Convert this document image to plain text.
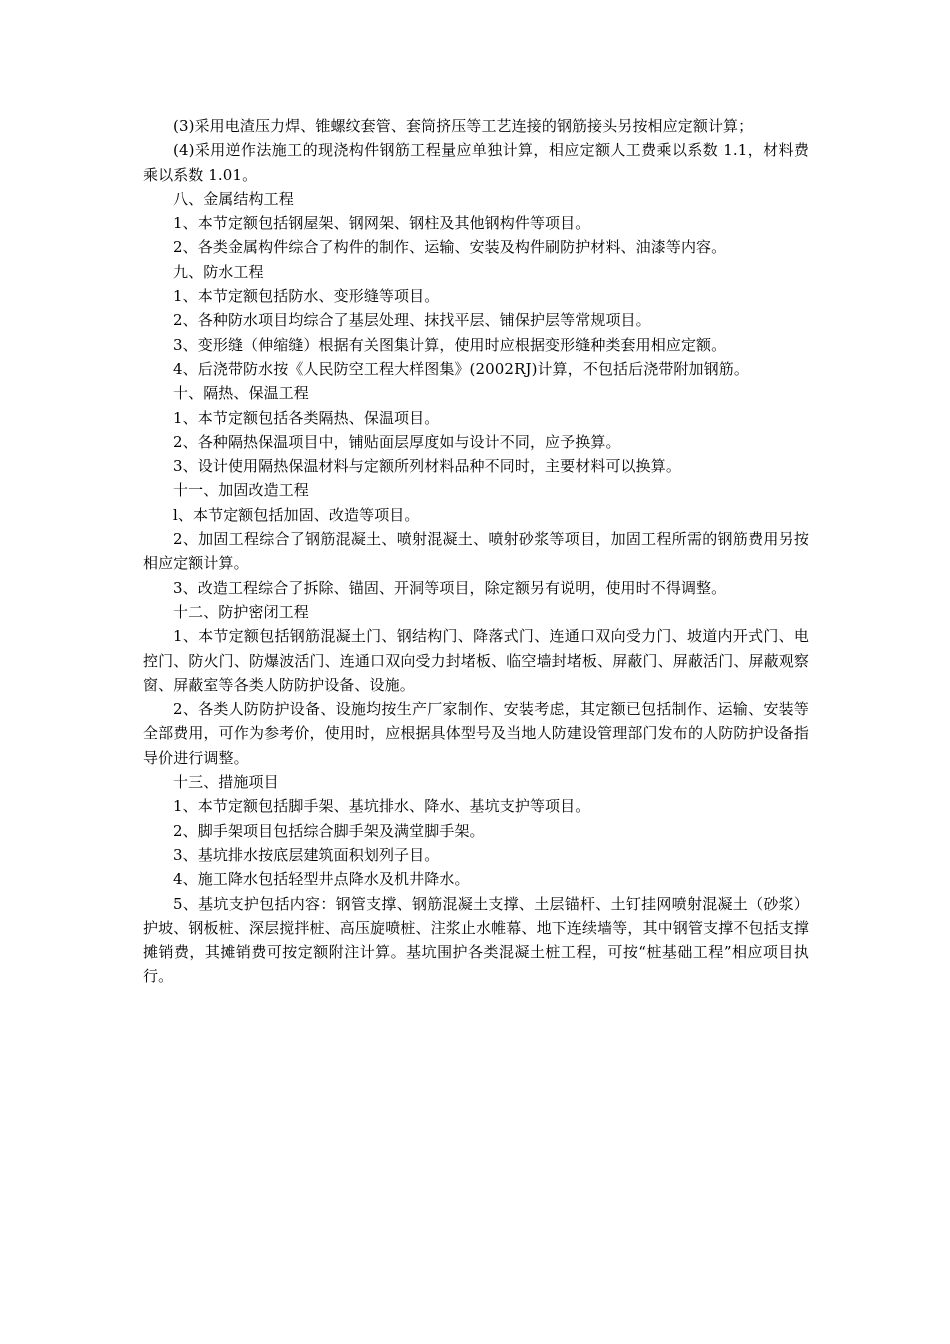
(3)采用电渣压力焊、锥螺纹套管、套筒挤压等工艺连接的钢筋接头另按相应定额计算；

(4)采用逆作法施工的现浇构件钢筋工程量应单独计算，相应定额人工费乘以系数 1.1，材料费乘以系数 1.01。

八、金属结构工程

1、本节定额包括钢屋架、钢网架、钢柱及其他钢构件等项目。

2、各类金属构件综合了构件的制作、运输、安装及构件刷防护材料、油漆等内容。

九、防水工程

1、本节定额包括防水、变形缝等项目。

2、各种防水项目均综合了基层处理、抹找平层、铺保护层等常规项目。

3、变形缝（伸缩缝）根据有关图集计算，使用时应根据变形缝种类套用相应定额。

4、后浇带防水按《人民防空工程大样图集》(2002RJ)计算，不包括后浇带附加钢筋。

十、隔热、保温工程

1、本节定额包括各类隔热、保温项目。

2、各种隔热保温项目中，铺贴面层厚度如与设计不同，应予换算。

3、设计使用隔热保温材料与定额所列材料品种不同时，主要材料可以换算。

十一、加固改造工程

l、本节定额包括加固、改造等项目。

2、加固工程综合了钢筋混凝土、喷射混凝土、喷射砂浆等项目，加固工程所需的钢筋费用另按相应定额计算。

3、改造工程综合了拆除、锚固、开洞等项目，除定额另有说明，使用时不得调整。

十二、防护密闭工程

1、本节定额包括钢筋混凝土门、钢结构门、降落式门、连通口双向受力门、坡道内开式门、电控门、防火门、防爆波活门、连通口双向受力封堵板、临空墙封堵板、屏蔽门、屏蔽活门、屏蔽观察窗、屏蔽室等各类人防防护设备、设施。

2、各类人防防护设备、设施均按生产厂家制作、安装考虑，其定额已包括制作、运输、安装等全部费用，可作为参考价，使用时，应根据具体型号及当地人防建设管理部门发布的人防防护设备指导价进行调整。

十三、措施项目

1、本节定额包括脚手架、基坑排水、降水、基坑支护等项目。

2、脚手架项目包括综合脚手架及满堂脚手架。

3、基坑排水按底层建筑面积划列子目。

4、施工降水包括轻型井点降水及机井降水。

5、基坑支护包括内容：钢管支撑、钢筋混凝土支撑、土层锚杆、土钉挂网喷射混凝土（砂浆）护坡、钢板桩、深层搅拌桩、高压旋喷桩、注浆止水帷幕、地下连续墙等，其中钢管支撑不包括支撑摊销费，其摊销费可按定额附注计算。基坑围护各类混凝土桩工程，可按“桩基础工程”相应项目执行。
